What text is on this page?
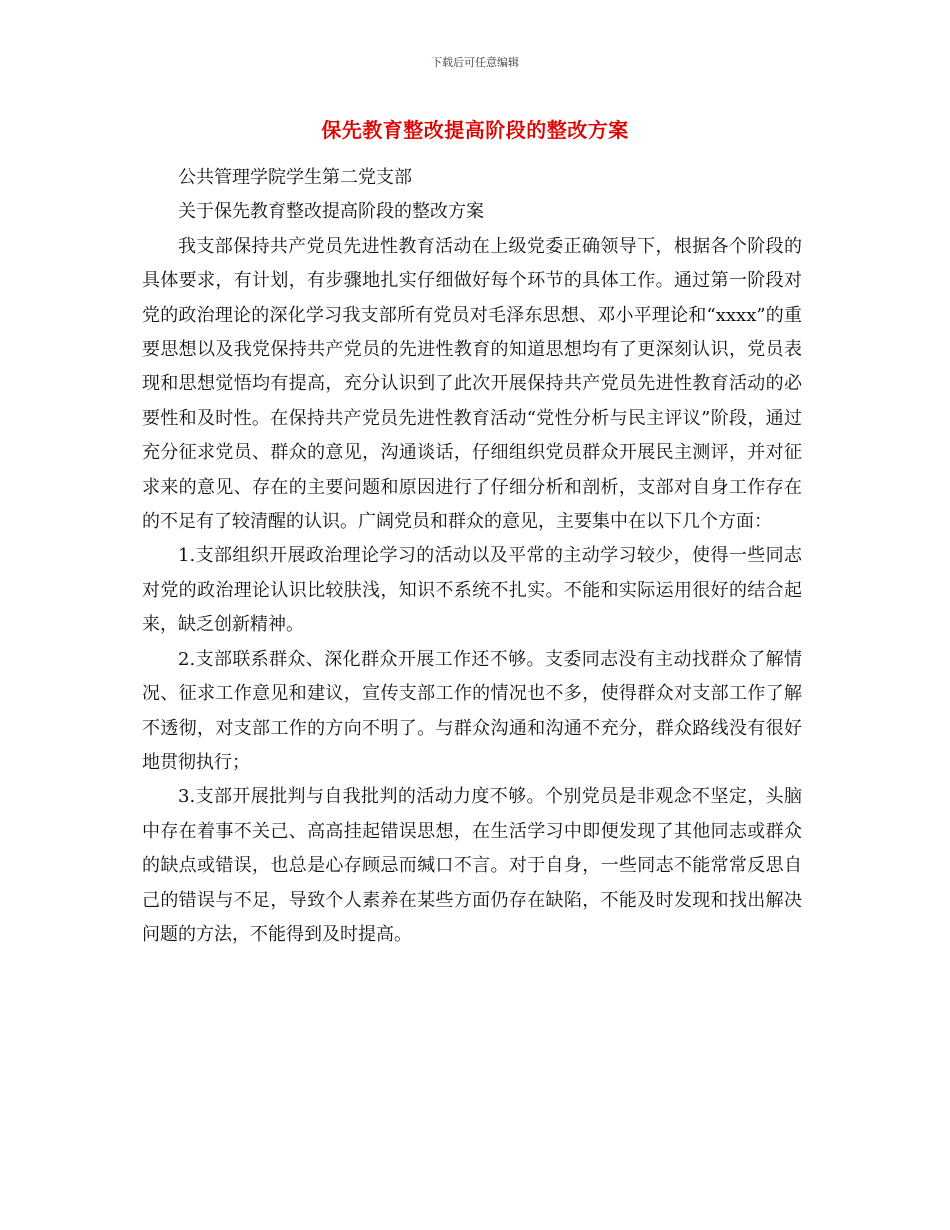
下载后可任意编辑
保先教育整改提高阶段的整改方案

公共管理学院学生第二党支部

关于保先教育整改提高阶段的整改方案

我支部保持共产党员先进性教育活动在上级党委正确领导下，根据各个阶段的具体要求，有计划，有步骤地扎实仔细做好每个环节的具体工作。通过第一阶段对党的政治理论的深化学习我支部所有党员对毛泽东思想、邓小平理论和“xxxx”的重要思想以及我党保持共产党员的先进性教育的知道思想均有了更深刻认识，党员表现和思想觉悟均有提高，充分认识到了此次开展保持共产党员先进性教育活动的必要性和及时性。在保持共产党员先进性教育活动“党性分析与民主评议”阶段，通过充分征求党员、群众的意见，沟通谈话，仔细组织党员群众开展民主测评，并对征求来的意见、存在的主要问题和原因进行了仔细分析和剖析，支部对自身工作存在的不足有了较清醒的认识。广阔党员和群众的意见，主要集中在以下几个方面：

1.支部组织开展政治理论学习的活动以及平常的主动学习较少，使得一些同志对党的政治理论认识比较肤浅，知识不系统不扎实。不能和实际运用很好的结合起来，缺乏创新精神。

2.支部联系群众、深化群众开展工作还不够。支委同志没有主动找群众了解情况、征求工作意见和建议，宣传支部工作的情况也不多，使得群众对支部工作了解不透彻，对支部工作的方向不明了。与群众沟通和沟通不充分，群众路线没有很好地贯彻执行；

3.支部开展批判与自我批判的活动力度不够。个别党员是非观念不坚定，头脑中存在着事不关己、高高挂起错误思想，在生活学习中即便发现了其他同志或群众的缺点或错误，也总是心存顾忌而缄口不言。对于自身，一些同志不能常常反思自己的错误与不足，导致个人素养在某些方面仍存在缺陷，不能及时发现和找出解决问题的方法，不能得到及时提高。
